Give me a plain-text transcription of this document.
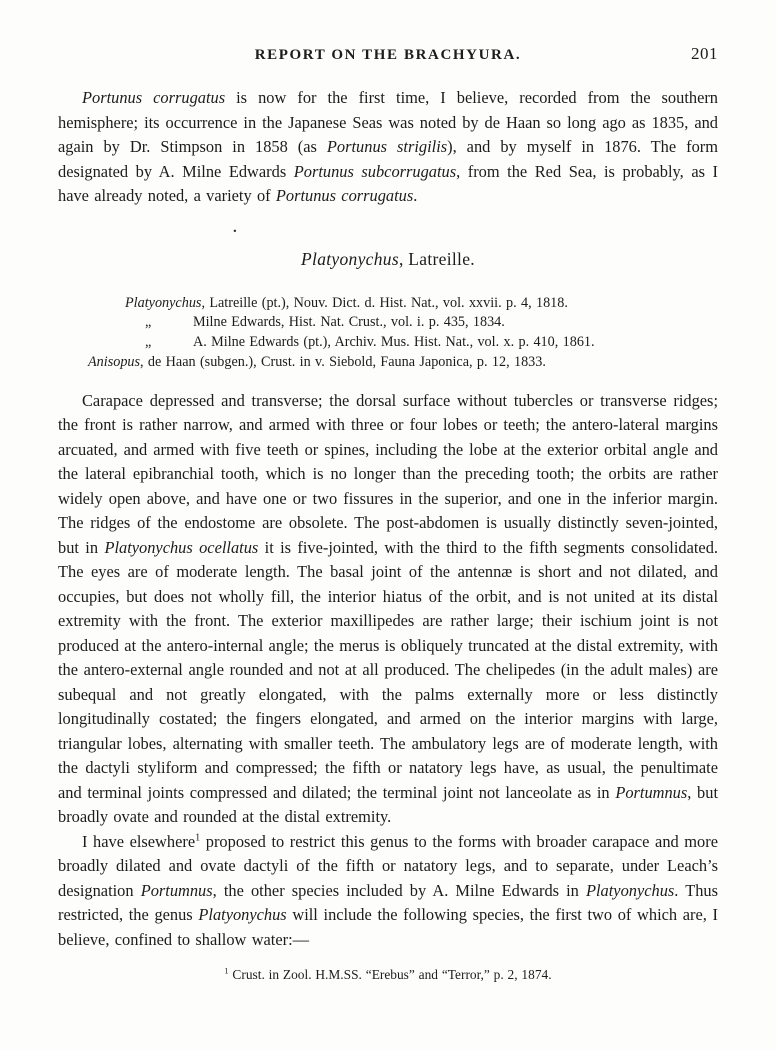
REPORT ON THE BRACHYURA.	201

Portunus corrugatus is now for the first time, I believe, recorded from the southern hemisphere; its occurrence in the Japanese Seas was noted by de Haan so long ago as 1835, and again by Dr. Stimpson in 1858 (as Portunus strigilis), and by myself in 1876. The form designated by A. Milne Edwards Portunus subcorrugatus, from the Red Sea, is probably, as I have already noted, a variety of Portunus corrugatus.

.
Platyonychus, Latreille.
Platyonychus, Latreille (pt.), Nouv. Dict. d. Hist. Nat., vol. xxvii. p. 4, 1818.
„	Milne Edwards, Hist. Nat. Crust., vol. i. p. 435, 1834.
„	A. Milne Edwards (pt.), Archiv. Mus. Hist. Nat., vol. x. p. 410, 1861.
Anisopus, de Haan (subgen.), Crust. in v. Siebold, Fauna Japonica, p. 12, 1833.

Carapace depressed and transverse; the dorsal surface without tubercles or transverse ridges; the front is rather narrow, and armed with three or four lobes or teeth; the antero-lateral margins arcuated, and armed with five teeth or spines, including the lobe at the exterior orbital angle and the lateral epibranchial tooth, which is no longer than the preceding tooth; the orbits are rather widely open above, and have one or two fissures in the superior, and one in the inferior margin. The ridges of the endostome are obsolete. The post-abdomen is usually distinctly seven-jointed, but in Platyonychus ocellatus it is five-jointed, with the third to the fifth segments consolidated. The eyes are of moderate length. The basal joint of the antennæ is short and not dilated, and occupies, but does not wholly fill, the interior hiatus of the orbit, and is not united at its distal extremity with the front. The exterior maxillipedes are rather large; their ischium joint is not produced at the antero-internal angle; the merus is obliquely truncated at the distal extremity, with the antero-external angle rounded and not at all produced. The chelipedes (in the adult males) are subequal and not greatly elongated, with the palms externally more or less distinctly longitudinally costated; the fingers elongated, and armed on the interior margins with large, triangular lobes, alternating with smaller teeth. The ambulatory legs are of moderate length, with the dactyli styliform and compressed; the fifth or natatory legs have, as usual, the penultimate and terminal joints compressed and dilated; the terminal joint not lanceolate as in Portumnus, but broadly ovate and rounded at the distal extremity.

I have elsewhere$^1$ proposed to restrict this genus to the forms with broader carapace and more broadly dilated and ovate dactyli of the fifth or natatory legs, and to separate, under Leach’s designation Portumnus, the other species included by A. Milne Edwards in Platyonychus. Thus restricted, the genus Platyonychus will include the following species, the first two of which are, I believe, confined to shallow water:—

$^1$ Crust. in Zool. H.M.SS. “Erebus” and “Terror,” p. 2, 1874.
